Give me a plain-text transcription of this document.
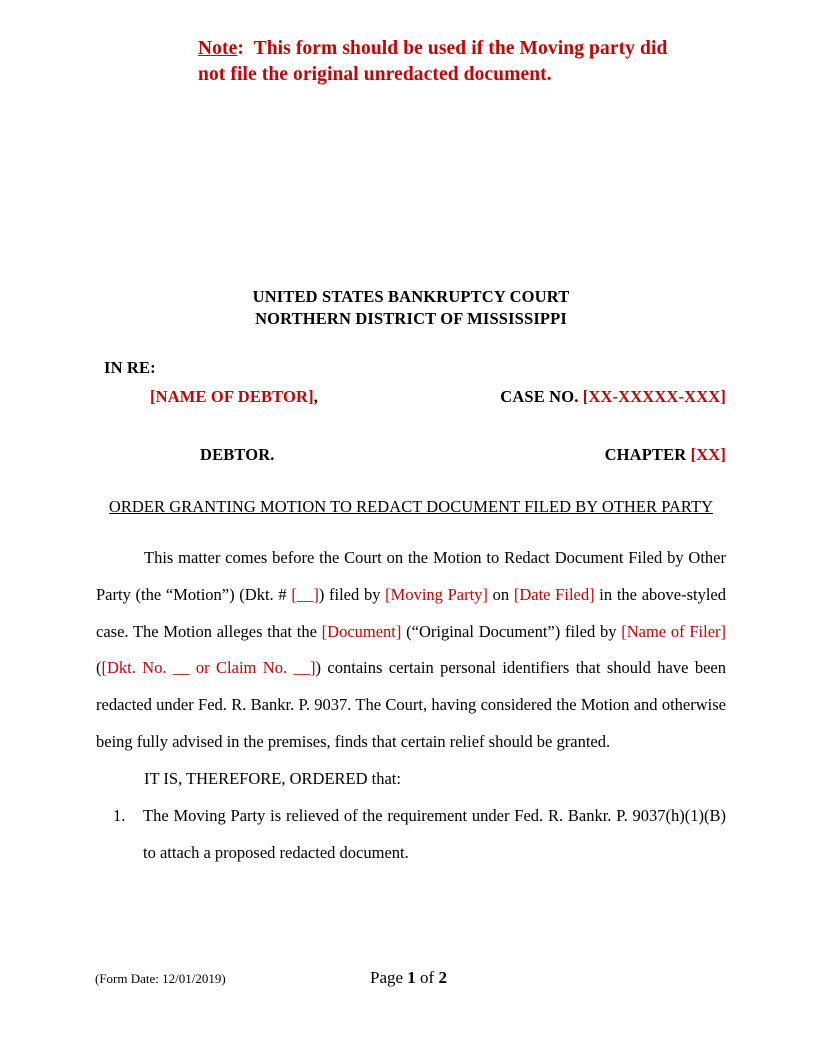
Note: This form should be used if the Moving party did not file the original unredacted document.
UNITED STATES BANKRUPTCY COURT
NORTHERN DISTRICT OF MISSISSIPPI
IN RE:
[NAME OF DEBTOR],	CASE NO. [XX-XXXXX-XXX]
DEBTOR.	CHAPTER [XX]
ORDER GRANTING MOTION TO REDACT DOCUMENT FILED BY OTHER PARTY

This matter comes before the Court on the Motion to Redact Document Filed by Other Party (the “Motion”) (Dkt. # [__]) filed by [Moving Party] on [Date Filed] in the above-styled case. The Motion alleges that the [Document] (“Original Document”) filed by [Name of Filer] ([Dkt. No. __ or Claim No. __]) contains certain personal identifiers that should have been redacted under Fed. R. Bankr. P. 9037. The Court, having considered the Motion and otherwise being fully advised in the premises, finds that certain relief should be granted.

IT IS, THEREFORE, ORDERED that:
1. The Moving Party is relieved of the requirement under Fed. R. Bankr. P. 9037(h)(1)(B) to attach a proposed redacted document.
(Form Date: 12/01/2019)	Page 1 of 2
